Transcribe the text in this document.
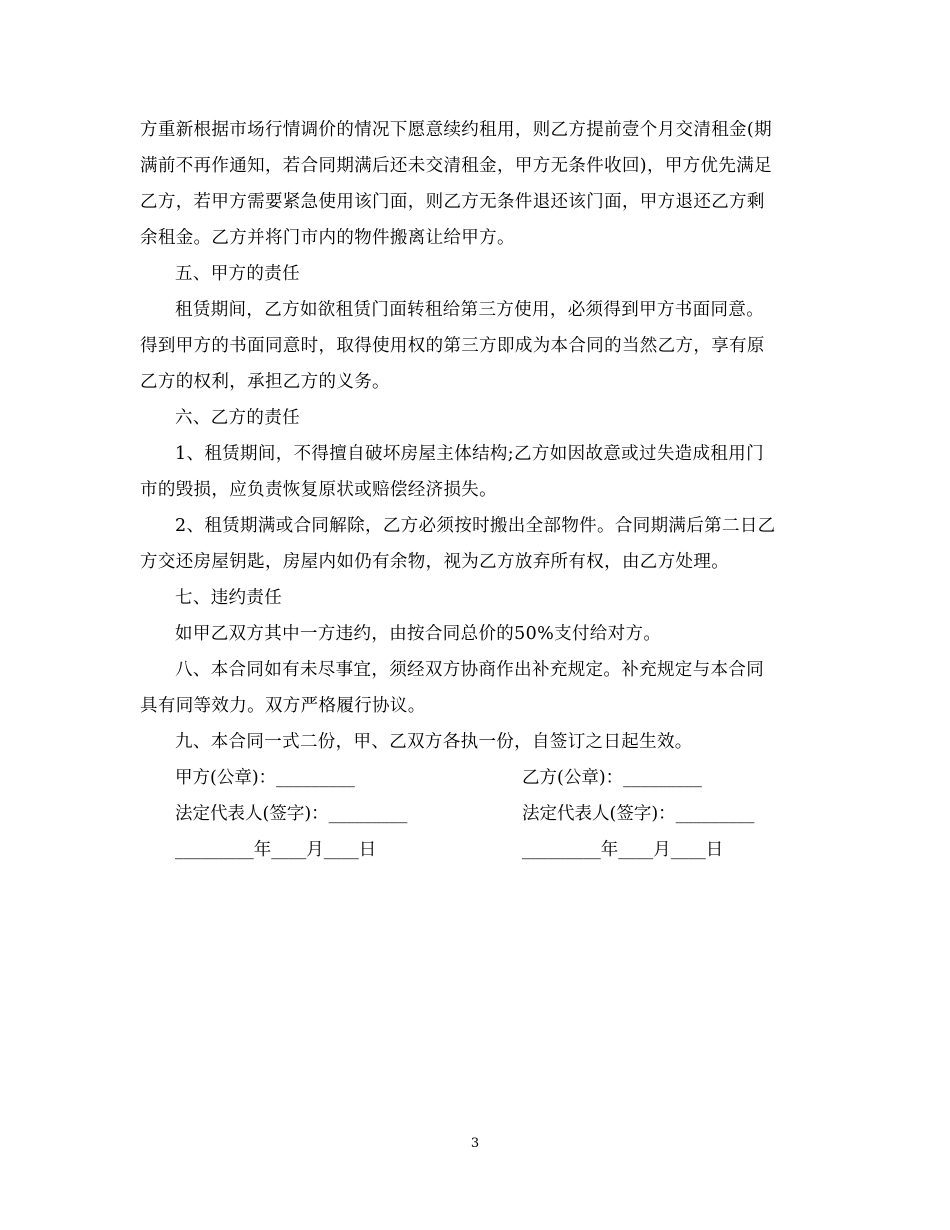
方重新根据市场行情调价的情况下愿意续约租用，则乙方提前壹个月交清租金(期
满前不再作通知，若合同期满后还未交清租金，甲方无条件收回)，甲方优先满足
乙方，若甲方需要紧急使用该门面，则乙方无条件退还该门面，甲方退还乙方剩
余租金。乙方并将门市内的物件搬离让给甲方。
五、甲方的责任
租赁期间，乙方如欲租赁门面转租给第三方使用，必须得到甲方书面同意。
得到甲方的书面同意时，取得使用权的第三方即成为本合同的当然乙方，享有原
乙方的权利，承担乙方的义务。
六、乙方的责任
1、租赁期间，不得擅自破坏房屋主体结构;乙方如因故意或过失造成租用门
市的毁损，应负责恢复原状或赔偿经济损失。
2、租赁期满或合同解除，乙方必须按时搬出全部物件。合同期满后第二日乙
方交还房屋钥匙，房屋内如仍有余物，视为乙方放弃所有权，由乙方处理。
七、违约责任
如甲乙双方其中一方违约，由按合同总价的50%支付给对方。
八、本合同如有未尽事宜，须经双方协商作出补充规定。补充规定与本合同
具有同等效力。双方严格履行协议。
九、本合同一式二份，甲、乙双方各执一份，自签订之日起生效。
甲方(公章)：_________	乙方(公章)：_________
法定代表人(签字)：_________	法定代表人(签字)：_________
_________年____月____日	_________年____月____日
3
